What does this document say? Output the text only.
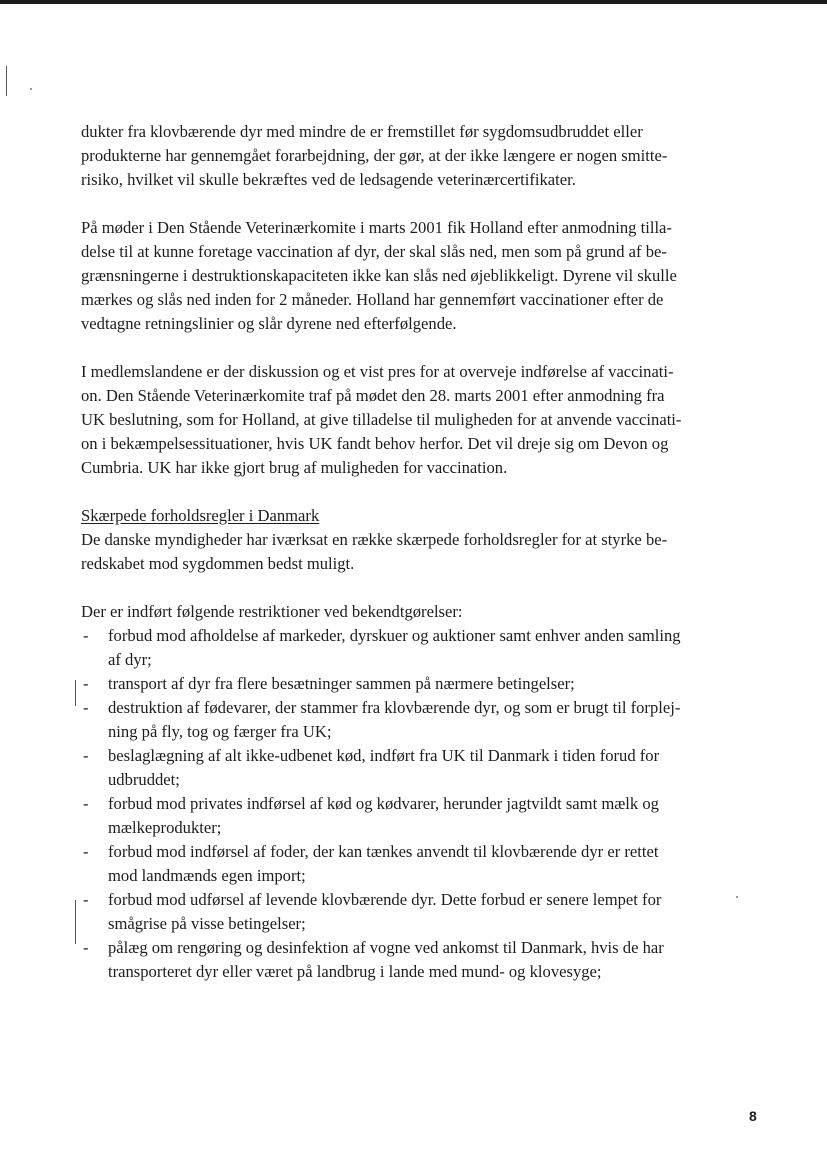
dukter fra klovbærende dyr med mindre de er fremstillet før sygdomsudbruddet eller
produkterne har gennemgået forarbejdning, der gør, at der ikke længere er nogen smitte-
risiko, hvilket vil skulle bekræftes ved de ledsagende veterinærcertifikater.
På møder i Den Stående Veterinærkomite i marts 2001 fik Holland efter anmodning tilla-
delse til at kunne foretage vaccination af dyr, der skal slås ned, men som på grund af be-
grænsningerne i destruktionskapaciteten ikke kan slås ned øjeblikkeligt. Dyrene vil skulle
mærkes og slås ned inden for 2 måneder. Holland har gennemført vaccinationer efter de
vedtagne retningslinier og slår dyrene ned efterfølgende.
I medlemslandene er der diskussion og et vist pres for at overveje indførelse af vaccinati-
on. Den Stående Veterinærkomite traf på mødet den 28. marts 2001 efter anmodning fra
UK beslutning, som for Holland, at give tilladelse til muligheden for at anvende vaccinati-
on i bekæmpelsessituationer, hvis UK fandt behov herfor. Det vil dreje sig om Devon og
Cumbria. UK har ikke gjort brug af muligheden for vaccination.
Skærpede forholdsregler i Danmark
De danske myndigheder har iværksat en række skærpede forholdsregler for at styrke be-
redskabet mod sygdommen bedst muligt.
Der er indført følgende restriktioner ved bekendtgørelser:
- forbud mod afholdelse af markeder, dyrskuer og auktioner samt enhver anden samling
af dyr;
- transport af dyr fra flere besætninger sammen på nærmere betingelser;
- destruktion af fødevarer, der stammer fra klovbærende dyr, og som er brugt til forplej-
ning på fly, tog og færger fra UK;
- beslaglægning af alt ikke-udbenet kød, indført fra UK til Danmark i tiden forud for
udbruddet;
- forbud mod privates indførsel af kød og kødvarer, herunder jagtvildt samt mælk og
mælkeprodukter;
- forbud mod indførsel af foder, der kan tænkes anvendt til klovbærende dyr er rettet
mod landmænds egen import;
- forbud mod udførsel af levende klovbærende dyr. Dette forbud er senere lempet for
smågrise på visse betingelser;
- pålæg om rengøring og desinfektion af vogne ved ankomst til Danmark, hvis de har
transporteret dyr eller været på landbrug i lande med mund- og klovesyge;
8
